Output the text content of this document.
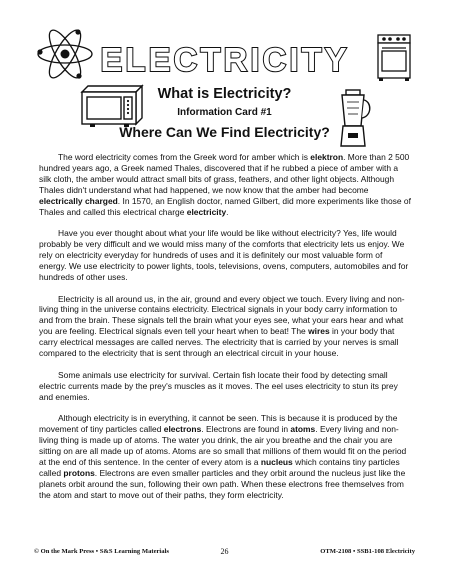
ELECTRICITY
What is Electricity?
Information Card #1
Where Can We Find Electricity?

The word electricity comes from the Greek word for amber which is elektron. More than 2 500 hundred years ago, a Greek named Thales, discovered that if he rubbed a piece of amber with a silk cloth, the amber would attract small bits of grass, feathers, and other light objects. Although Thales didn't understand what had happened, we now know that the amber had become electrically charged. In 1570, an English doctor, named Gilbert, did more experiments like those of Thales and called this electrical charge electricity.

Have you ever thought about what your life would be like without electricity? Yes, life would probably be very difficult and we would miss many of the comforts that electricity lets us enjoy. We rely on electricity everyday for hundreds of uses and it is definitely our most valuable form of energy. We use electricity to power lights, tools, televisions, ovens, computers, automobiles and for hundreds of other uses.

Electricity is all around us, in the air, ground and every object we touch. Every living and non-living thing in the universe contains electricity. Electrical signals in your body carry information to and from the brain. These signals tell the brain what your eyes see, what your ears hear and what you are feeling. Electrical signals even tell your heart when to beat! The wires in your body that carry electrical messages are called nerves. The electricity that is carried by your nerves is small compared to the electricity that is sent through an electrical circuit in your house.

Some animals use electricity for survival. Certain fish locate their food by detecting small electric currents made by the prey's muscles as it moves. The eel uses electricity to stun its prey and enemies.

Although electricity is in everything, it cannot be seen. This is because it is produced by the movement of tiny particles called electrons. Electrons are found in atoms. Every living and non-living thing is made up of atoms. The water you drink, the air you breathe and the chair you are sitting on are all made up of atoms. Atoms are so small that millions of them would fit on the period at the end of this sentence. In the center of every atom is a nucleus which contains tiny particles called protons. Electrons are even smaller particles and they orbit around the nucleus just like the planets orbit around the sun, following their own path. When these electrons free themselves from the atom and start to move out of their paths, they form electricity.

© On the Mark Press • S&S Learning Materials	26	OTM-2108 • SSB1-108 Electricity
